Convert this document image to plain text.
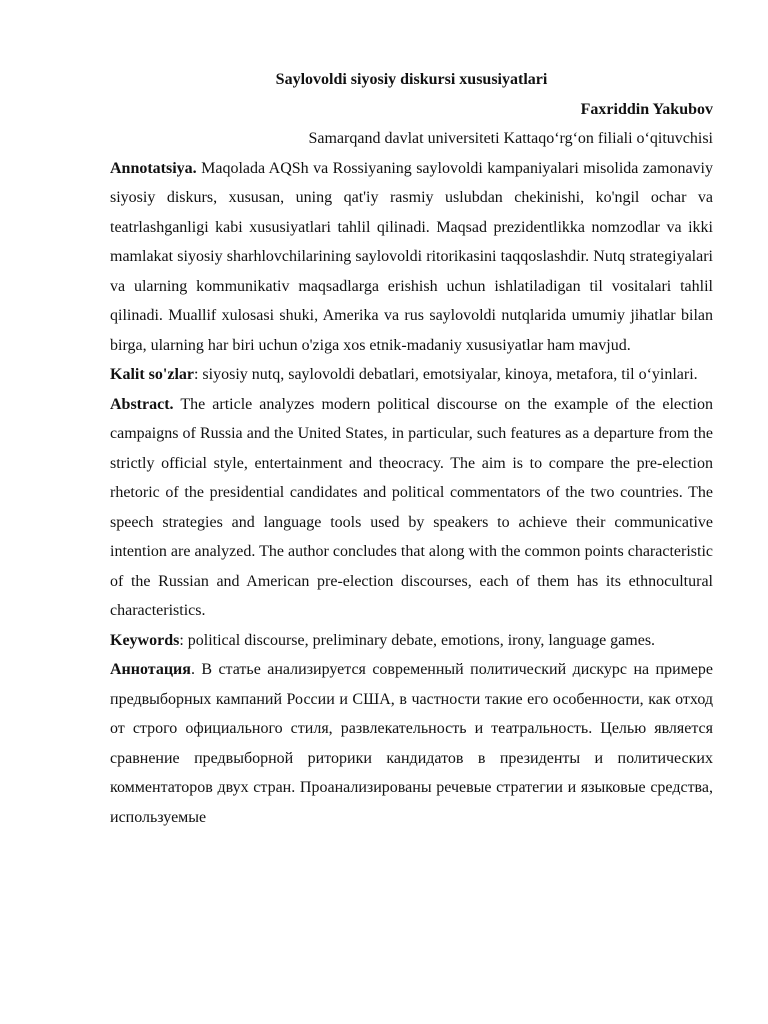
Saylovoldi siyosiy diskursi xususiyatlari

Faxriddin Yakubov

Samarqand davlat universiteti Kattaqo‘rg‘on filiali o‘qituvchisi

Annotatsiya. Maqolada AQSh va Rossiyaning saylovoldi kampaniyalari misolida zamonaviy siyosiy diskurs, xususan, uning qat'iy rasmiy uslubdan chekinishi, ko'ngil ochar va teatrlashganligi kabi xususiyatlari tahlil qilinadi. Maqsad prezidentlikka nomzodlar va ikki mamlakat siyosiy sharhlovchilarining saylovoldi ritorikasini taqqoslashdir. Nutq strategiyalari va ularning kommunikativ maqsadlarga erishish uchun ishlatiladigan til vositalari tahlil qilinadi. Muallif xulosasi shuki, Amerika va rus saylovoldi nutqlarida umumiy jihatlar bilan birga, ularning har biri uchun o'ziga xos etnik-madaniy xususiyatlar ham mavjud.

Kalit so'zlar: siyosiy nutq, saylovoldi debatlari, emotsiyalar, kinoya, metafora, til o‘yinlari.

Abstract. The article analyzes modern political discourse on the example of the election campaigns of Russia and the United States, in particular, such features as a departure from the strictly official style, entertainment and theocracy. The aim is to compare the pre-election rhetoric of the presidential candidates and political commentators of the two countries. The speech strategies and language tools used by speakers to achieve their communicative intention are analyzed. The author concludes that along with the common points characteristic of the Russian and American pre-election discourses, each of them has its ethnocultural characteristics.

Keywords: political discourse, preliminary debate, emotions, irony, language games.

Аннотация. В статье анализируется современный политический дискурс на примере предвыборных кампаний России и США, в частности такие его особенности, как отход от строго официального стиля, развлекательность и театральность. Целью является сравнение предвыборной риторики кандидатов в президенты и политических комментаторов двух стран. Проанализированы речевые стратегии и языковые средства, используемые
